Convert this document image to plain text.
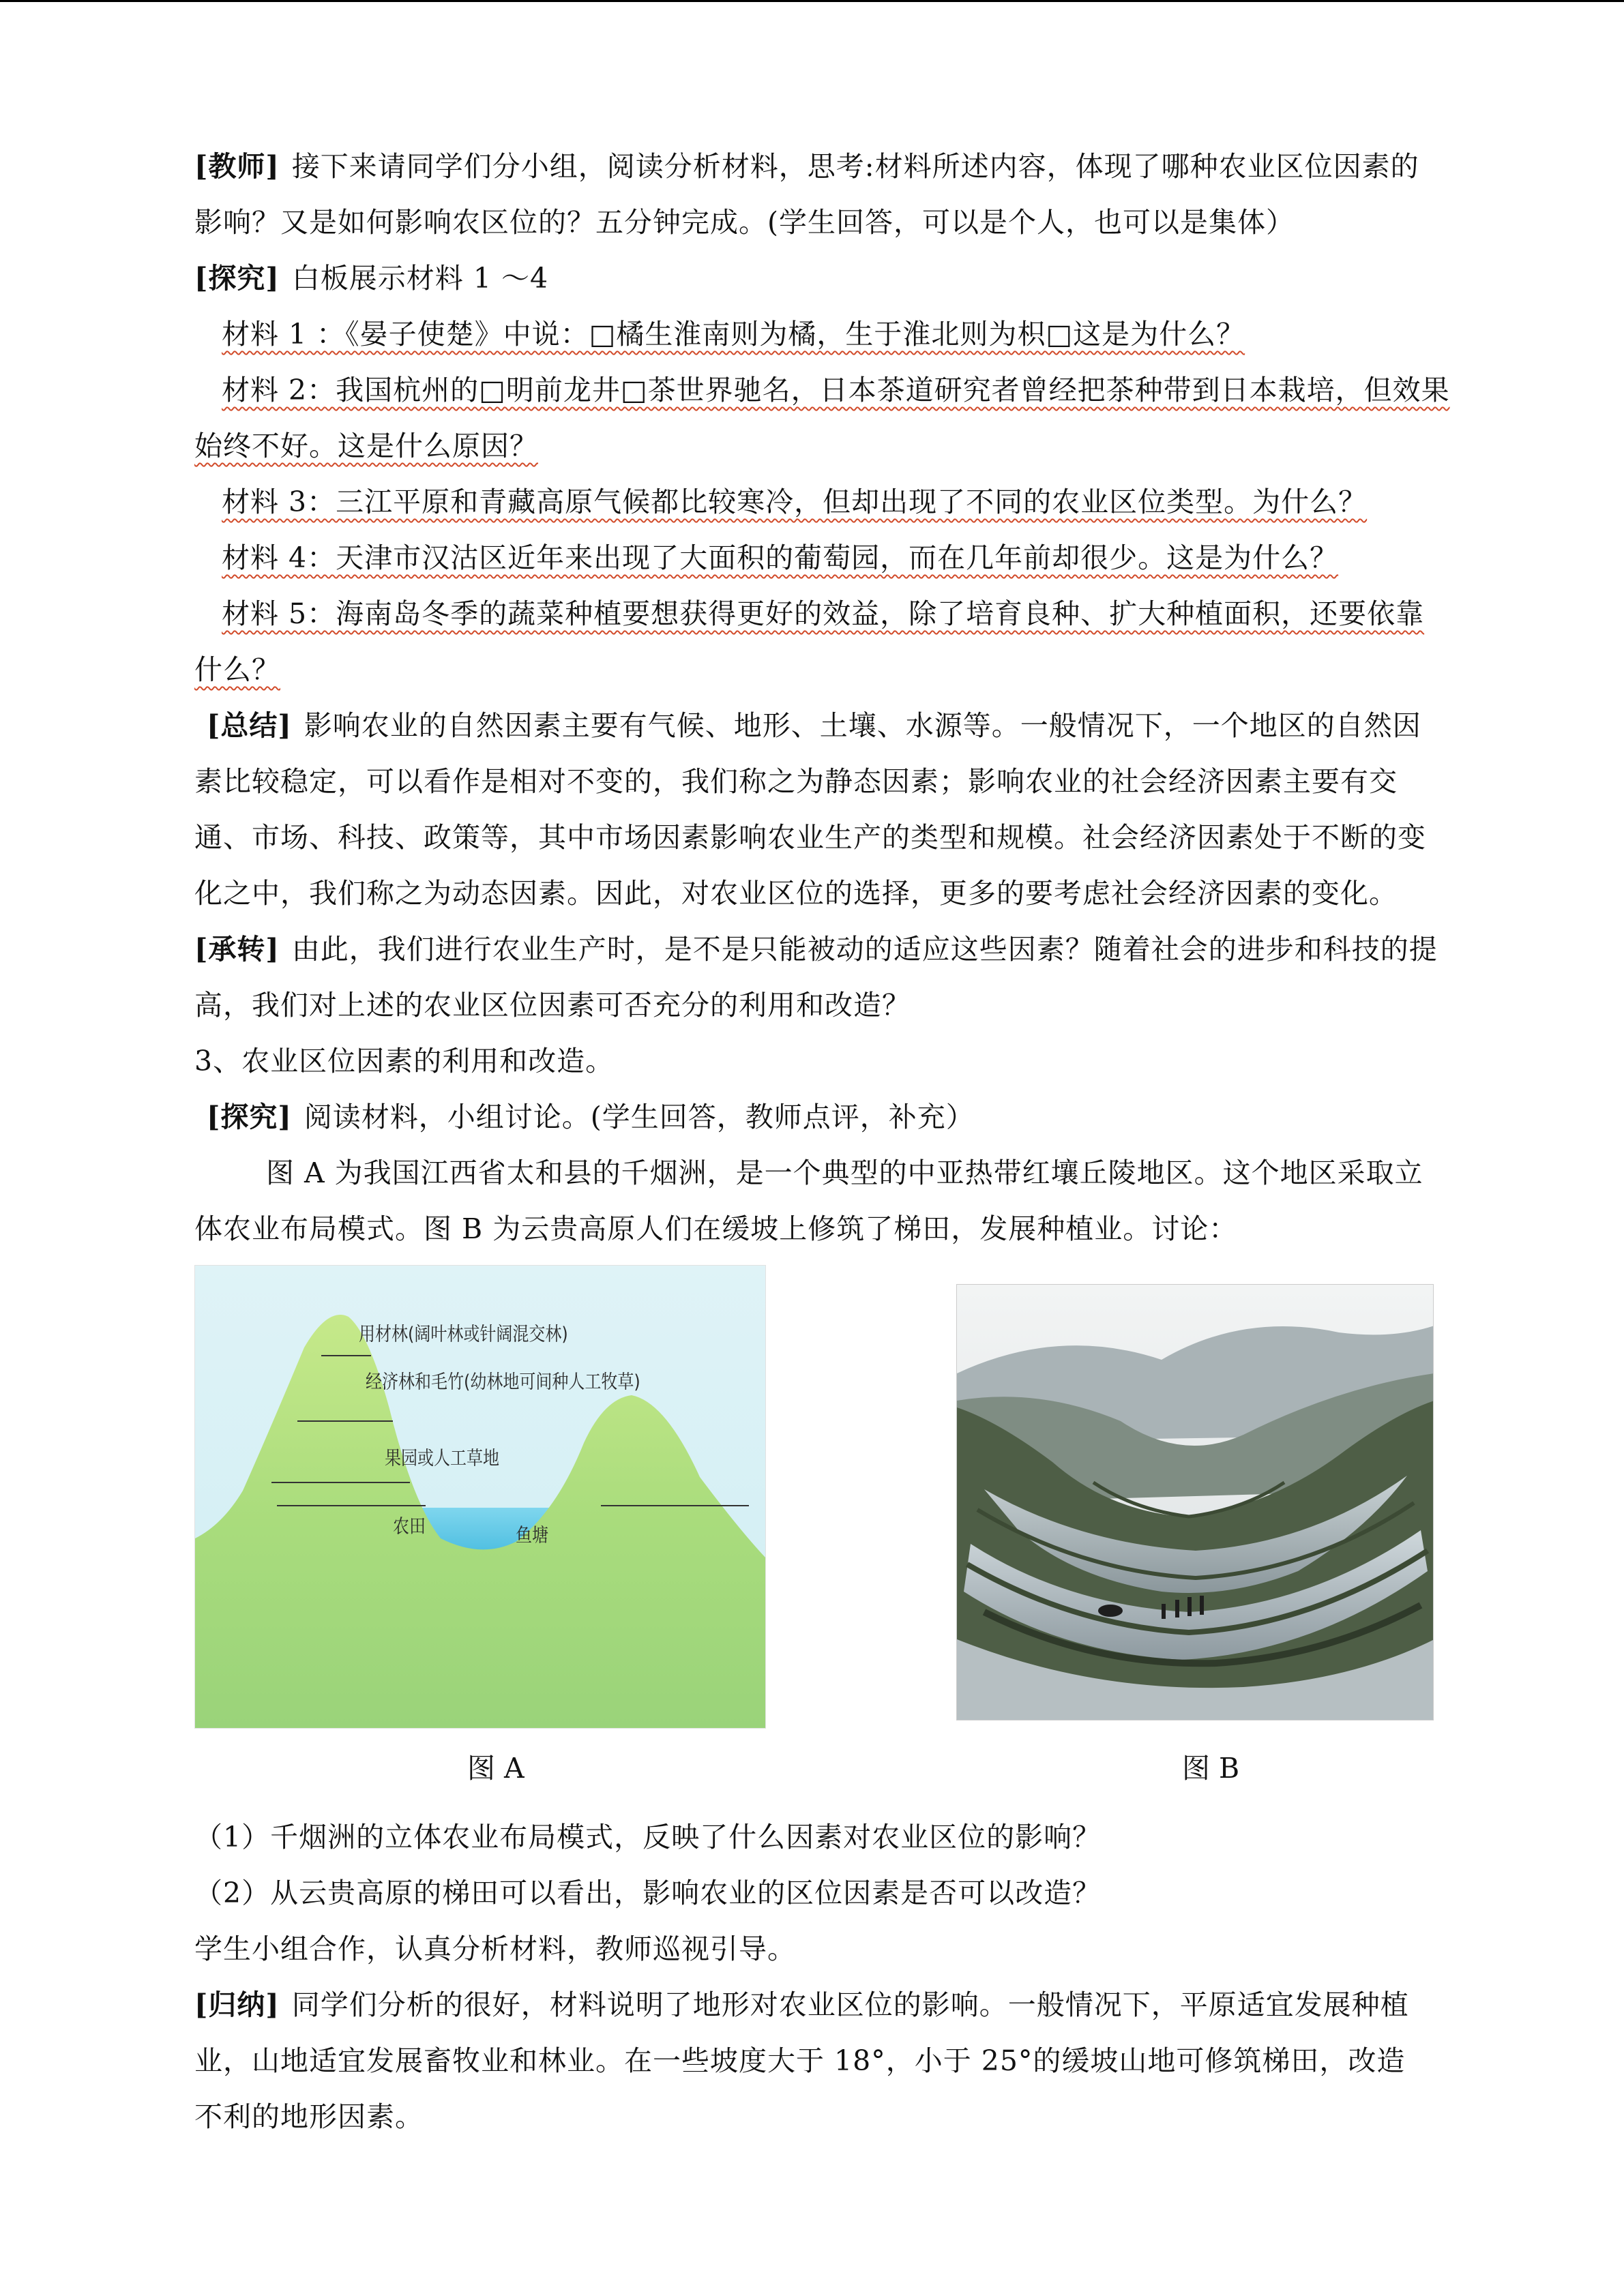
[教师] 接下来请同学们分小组，阅读分析材料，思考:材料所述内容，体现了哪种农业区位因素的

影响？又是如何影响农区位的？五分钟完成。(学生回答，可以是个人，也可以是集体）

[探究] 白板展示材料 1 ～4

材料 1 ：《晏子使楚》中说：□橘生淮南则为橘，生于淮北则为枳□这是为什么？

材料 2：我国杭州的□明前龙井□茶世界驰名，日本茶道研究者曾经把茶种带到日本栽培，但效果

始终不好。这是什么原因？

材料 3：三江平原和青藏高原气候都比较寒冷，但却出现了不同的农业区位类型。为什么？

材料 4：天津市汉沽区近年来出现了大面积的葡萄园，而在几年前却很少。这是为什么？

材料 5：海南岛冬季的蔬菜种植要想获得更好的效益，除了培育良种、扩大种植面积，还要依靠

什么？

[总结] 影响农业的自然因素主要有气候、地形、土壤、水源等。一般情况下，一个地区的自然因

素比较稳定，可以看作是相对不变的，我们称之为静态因素；影响农业的社会经济因素主要有交

通、市场、科技、政策等，其中市场因素影响农业生产的类型和规模。社会经济因素处于不断的变

化之中，我们称之为动态因素。因此，对农业区位的选择，更多的要考虑社会经济因素的变化。

[承转] 由此，我们进行农业生产时，是不是只能被动的适应这些因素？随着社会的进步和科技的提

高，我们对上述的农业区位因素可否充分的利用和改造？

3、农业区位因素的利用和改造。

[探究] 阅读材料，小组讨论。(学生回答，教师点评，补充）

图 A 为我国江西省太和县的千烟洲，是一个典型的中亚热带红壤丘陵地区。这个地区采取立

体农业布局模式。图 B 为云贵高原人们在缓坡上修筑了梯田，发展种植业。讨论：

用材林(阔叶林或针阔混交林)
经济林和毛竹(幼林地可间种人工牧草)
果园或人工草地
农田	鱼塘
图 A	图 B

（1）千烟洲的立体农业布局模式，反映了什么因素对农业区位的影响？

（2）从云贵高原的梯田可以看出，影响农业的区位因素是否可以改造？

学生小组合作，认真分析材料，教师巡视引导。

[归纳] 同学们分析的很好，材料说明了地形对农业区位的影响。一般情况下，平原适宜发展种植

业，山地适宜发展畜牧业和林业。在一些坡度大于 18°，小于 25°的缓坡山地可修筑梯田，改造

不利的地形因素。
